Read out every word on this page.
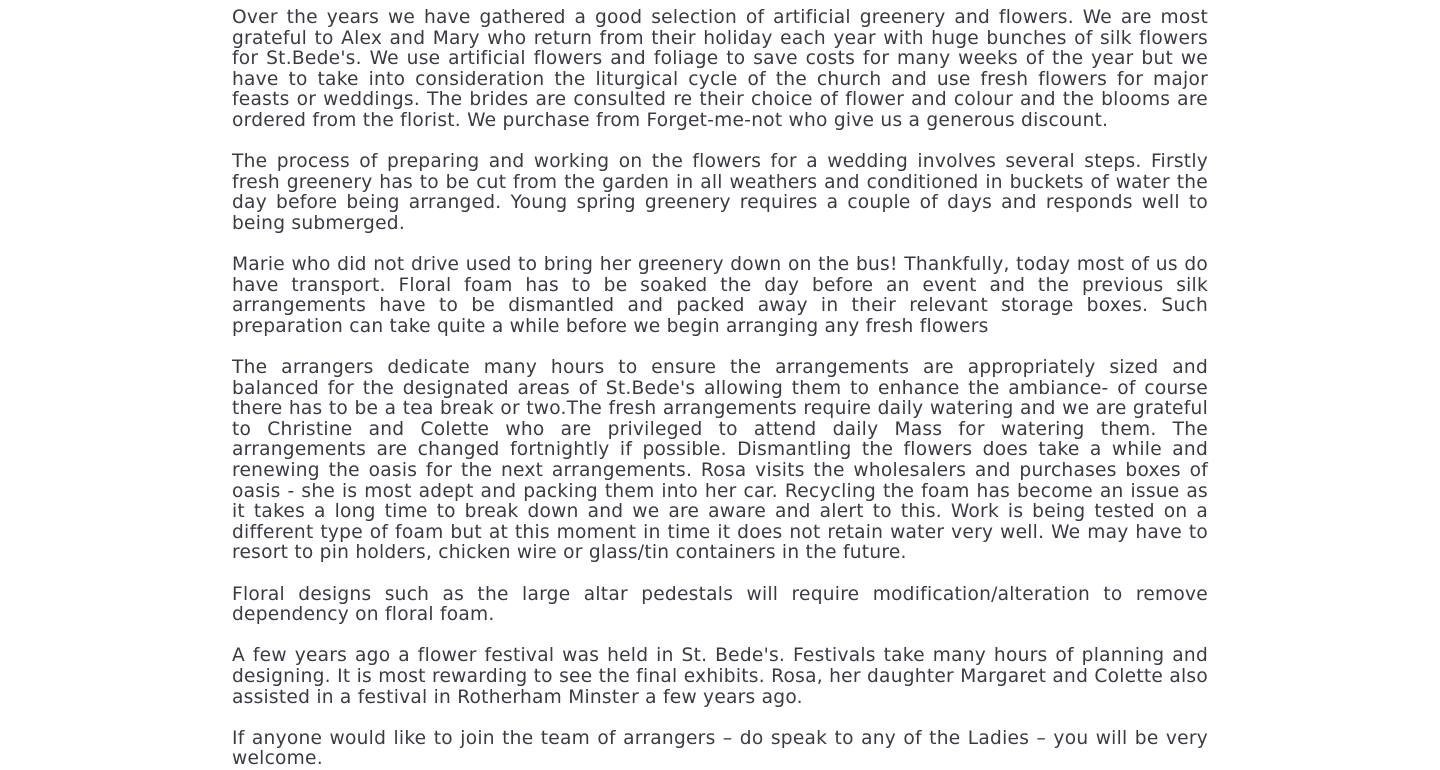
Over the years we have gathered a good selection of artificial greenery and flowers. We are most grateful to Alex and Mary who return from their holiday each year with huge bunches of silk flowers for St.Bede's. We use artificial flowers and foliage to save costs for many weeks of the year but we have to take into consideration the liturgical cycle of the church and use fresh flowers for major feasts or weddings. The brides are consulted re their choice of flower and colour and the blooms are ordered from the florist. We purchase from Forget-me-not who give us a generous discount.

The process of preparing and working on the flowers for a wedding involves several steps. Firstly fresh greenery has to be cut from the garden in all weathers and conditioned in buckets of water the day before being arranged. Young spring greenery requires a couple of days and responds well to being submerged.

Marie who did not drive used to bring her greenery down on the bus! Thankfully, today most of us do have transport. Floral foam has to be soaked the day before an event and the previous silk arrangements have to be dismantled and packed away in their relevant storage boxes. Such preparation can take quite a while before we begin arranging any fresh flowers

The arrangers dedicate many hours to ensure the arrangements are appropriately sized and balanced for the designated areas of St.Bede's allowing them to enhance the ambiance- of course there has to be a tea break or two.The fresh arrangements require daily watering and we are grateful to Christine and Colette who are privileged to attend daily Mass for watering them. The arrangements are changed fortnightly if possible. Dismantling the flowers does take a while and renewing the oasis for the next arrangements. Rosa visits the wholesalers and purchases boxes of oasis - she is most adept and packing them into her car. Recycling the foam has become an issue as it takes a long time to break down and we are aware and alert to this. Work is being tested on a different type of foam but at this moment in time it does not retain water very well. We may have to resort to pin holders, chicken wire or glass/tin containers in the future.

Floral designs such as the large altar pedestals will require modification/alteration to remove dependency on floral foam.

A few years ago a flower festival was held in St. Bede's. Festivals take many hours of planning and designing. It is most rewarding to see the final exhibits. Rosa, her daughter Margaret and Colette also assisted in a festival in Rotherham Minster a few years ago.

If anyone would like to join the team of arrangers – do speak to any of the Ladies – you will be very welcome.
